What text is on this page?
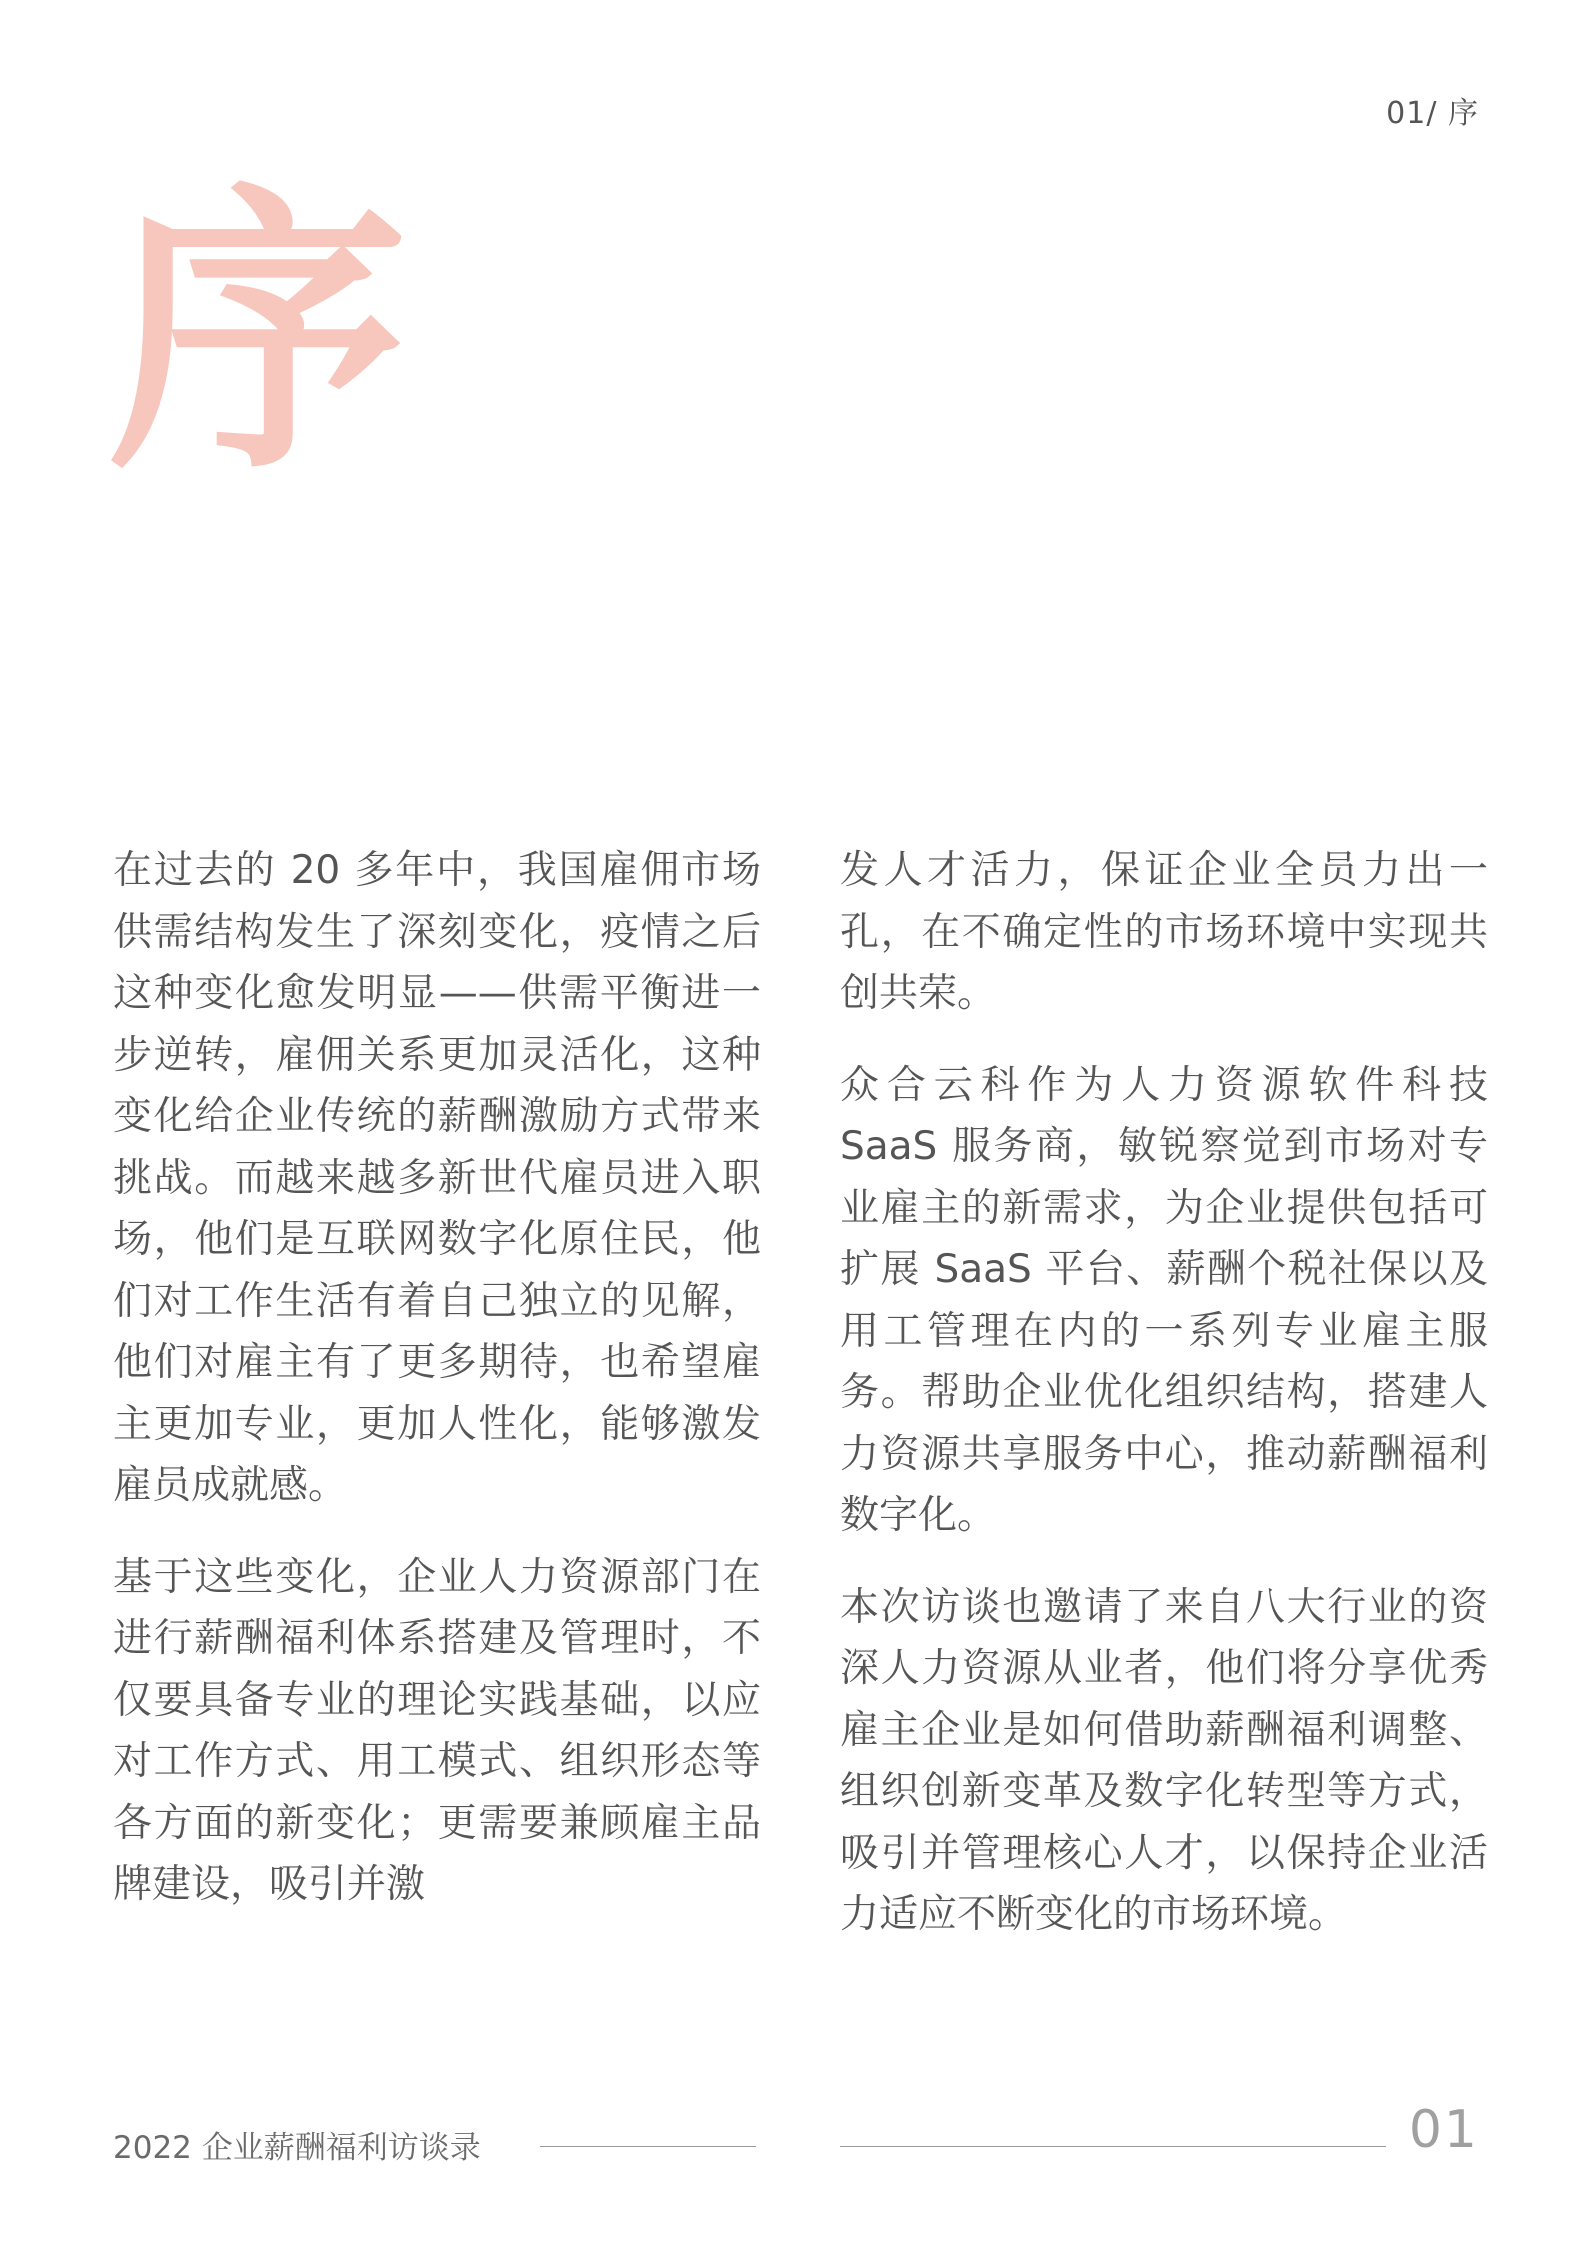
01/ 序
序

在过去的 20 多年中，我国雇佣市场供需结构发生了深刻变化，疫情之后这种变化愈发明显——供需平衡进一步逆转，雇佣关系更加灵活化，这种变化给企业传统的薪酬激励方式带来挑战。而越来越多新世代雇员进入职场，他们是互联网数字化原住民，他们对工作生活有着自己独立的见解，他们对雇主有了更多期待，也希望雇主更加专业，更加人性化，能够激发雇员成就感。

基于这些变化，企业人力资源部门在进行薪酬福利体系搭建及管理时，不仅要具备专业的理论实践基础，以应对工作方式、用工模式、组织形态等各方面的新变化；更需要兼顾雇主品牌建设，吸引并激

发人才活力，保证企业全员力出一孔，在不确定性的市场环境中实现共创共荣。

众合云科作为人力资源软件科技 SaaS 服务商，敏锐察觉到市场对专业雇主的新需求，为企业提供包括可扩展 SaaS 平台、薪酬个税社保以及用工管理在内的一系列专业雇主服务。帮助企业优化组织结构，搭建人力资源共享服务中心，推动薪酬福利数字化。

本次访谈也邀请了来自八大行业的资深人力资源从业者，他们将分享优秀雇主企业是如何借助薪酬福利调整、组织创新变革及数字化转型等方式，吸引并管理核心人才，以保持企业活力适应不断变化的市场环境。

2022 企业薪酬福利访谈录	01
